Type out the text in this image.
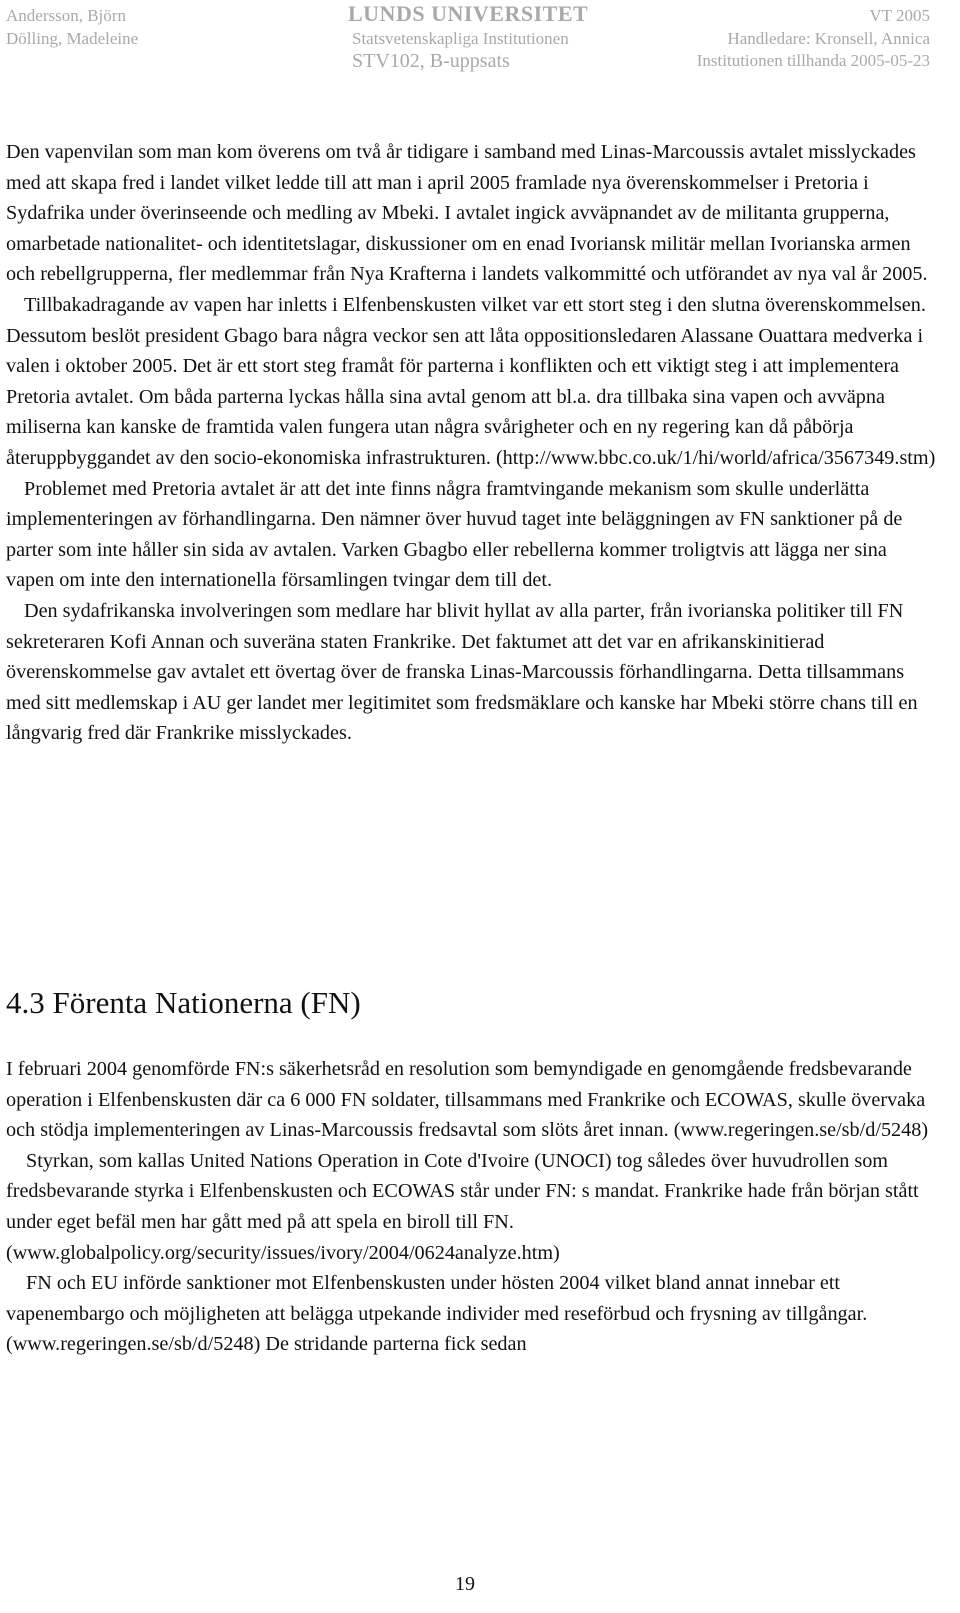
Andersson, Björn
Dölling, Madeleine
LUNDS UNIVERSITET
Statsvetenskapliga Institutionen
STV102, B-uppsats
VT 2005
Handledare: Kronsell, Annica
Institutionen tillhanda 2005-05-23

Den vapenvilan som man kom överens om två år tidigare i samband med Linas-Marcoussis avtalet misslyckades med att skapa fred i landet vilket ledde till att man i april 2005 framlade nya överenskommelser i Pretoria i Sydafrika under överinseende och medling av Mbeki. I avtalet ingick avväpnandet av de militanta grupperna, omarbetade nationalitet- och identitetslagar, diskussioner om en enad Ivoriansk militär mellan Ivorianska armen och rebellgrupperna, fler medlemmar från Nya Krafterna i landets valkommitté och utförandet av nya val år 2005.

Tillbakadragande av vapen har inletts i Elfenbenskusten vilket var ett stort steg i den slutna överenskommelsen. Dessutom beslöt president Gbago bara några veckor sen att låta oppositionsledaren Alassane Ouattara medverka i valen i oktober 2005. Det är ett stort steg framåt för parterna i konflikten och ett viktigt steg i att implementera Pretoria avtalet. Om båda parterna lyckas hålla sina avtal genom att bl.a. dra tillbaka sina vapen och avväpna miliserna kan kanske de framtida valen fungera utan några svårigheter och en ny regering kan då påbörja återuppbyggandet av den socio-ekonomiska infrastrukturen. (http://www.bbc.co.uk/1/hi/world/africa/3567349.stm)

Problemet med Pretoria avtalet är att det inte finns några framtvingande mekanism som skulle underlätta implementeringen av förhandlingarna. Den nämner över huvud taget inte beläggningen av FN sanktioner på de parter som inte håller sin sida av avtalen. Varken Gbagbo eller rebellerna kommer troligtvis att lägga ner sina vapen om inte den internationella församlingen tvingar dem till det.

Den sydafrikanska involveringen som medlare har blivit hyllat av alla parter, från ivorianska politiker till FN sekreteraren Kofi Annan och suveräna staten Frankrike. Det faktumet att det var en afrikanskinitierad överenskommelse gav avtalet ett övertag över de franska Linas-Marcoussis förhandlingarna. Detta tillsammans med sitt medlemskap i AU ger landet mer legitimitet som fredsmäklare och kanske har Mbeki större chans till en långvarig fred där Frankrike misslyckades.

4.3 Förenta Nationerna (FN)

I februari 2004 genomförde FN:s säkerhetsråd en resolution som bemyndigade en genomgående fredsbevarande operation i Elfenbenskusten där ca 6 000 FN soldater, tillsammans med Frankrike och ECOWAS, skulle övervaka och stödja implementeringen av Linas-Marcoussis fredsavtal som slöts året innan. (www.regeringen.se/sb/d/5248)

Styrkan, som kallas United Nations Operation in Cote d'Ivoire (UNOCI) tog således över huvudrollen som fredsbevarande styrka i Elfenbenskusten och ECOWAS står under FN: s mandat. Frankrike hade från början stått under eget befäl men har gått med på att spela en biroll till FN. (www.globalpolicy.org/security/issues/ivory/2004/0624analyze.htm)

FN och EU införde sanktioner mot Elfenbenskusten under hösten 2004 vilket bland annat innebar ett vapenembargo och möjligheten att belägga utpekande individer med reseförbud och frysning av tillgångar. (www.regeringen.se/sb/d/5248) De stridande parterna fick sedan

19
